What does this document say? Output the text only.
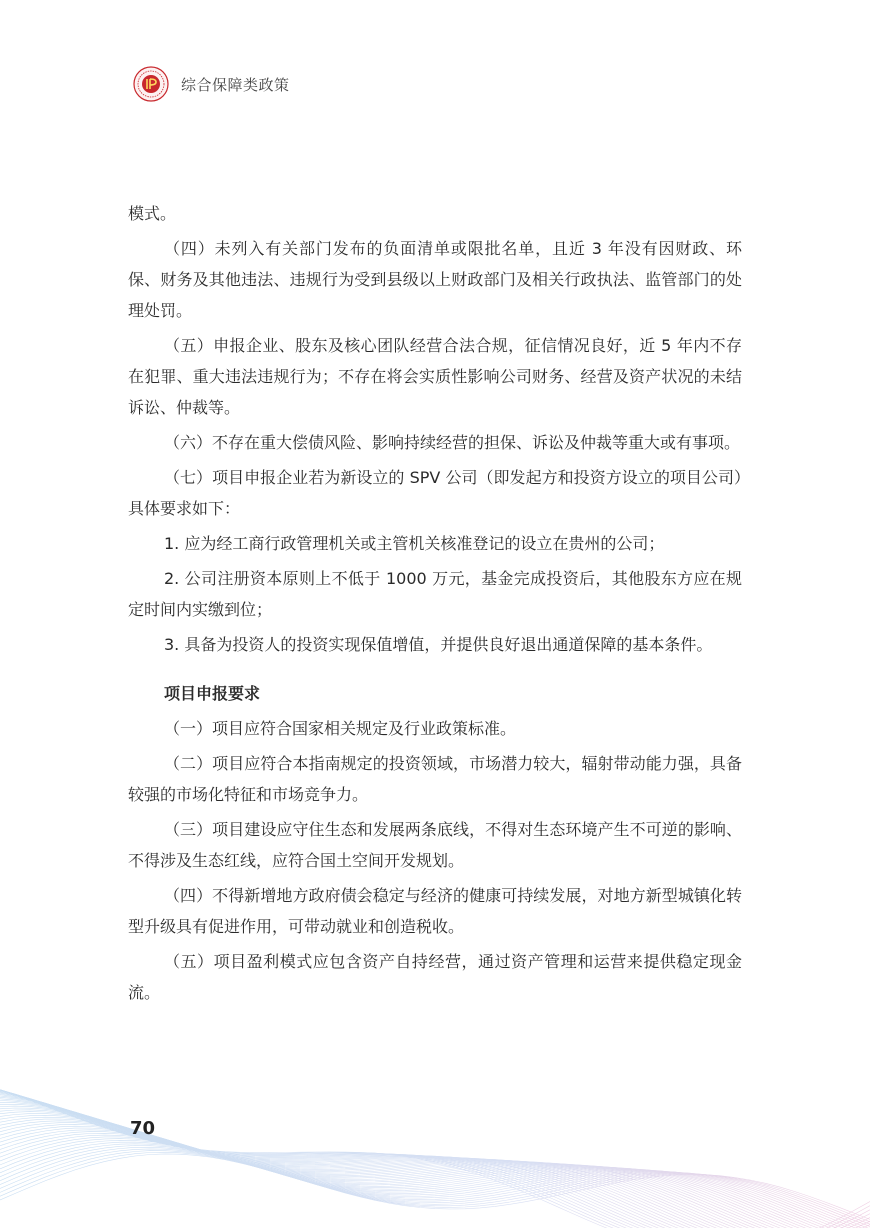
综合保障类政策

模式。

（四）未列入有关部门发布的负面清单或限批名单，且近 3 年没有因财政、环保、财务及其他违法、违规行为受到县级以上财政部门及相关行政执法、监管部门的处理处罚。

（五）申报企业、股东及核心团队经营合法合规，征信情况良好，近 5 年内不存在犯罪、重大违法违规行为；不存在将会实质性影响公司财务、经营及资产状况的未结诉讼、仲裁等。

（六）不存在重大偿债风险、影响持续经营的担保、诉讼及仲裁等重大或有事项。

（七）项目申报企业若为新设立的 SPV 公司（即发起方和投资方设立的项目公司）具体要求如下：

1. 应为经工商行政管理机关或主管机关核准登记的设立在贵州的公司；

2. 公司注册资本原则上不低于 1000 万元，基金完成投资后，其他股东方应在规定时间内实缴到位；

3. 具备为投资人的投资实现保值增值，并提供良好退出通道保障的基本条件。

项目申报要求

（一）项目应符合国家相关规定及行业政策标准。

（二）项目应符合本指南规定的投资领域，市场潜力较大，辐射带动能力强，具备较强的市场化特征和市场竞争力。

（三）项目建设应守住生态和发展两条底线，不得对生态环境产生不可逆的影响、不得涉及生态红线，应符合国土空间开发规划。

（四）不得新增地方政府债会稳定与经济的健康可持续发展，对地方新型城镇化转型升级具有促进作用，可带动就业和创造税收。

（五）项目盈利模式应包含资产自持经营，通过资产管理和运营来提供稳定现金流。

70
